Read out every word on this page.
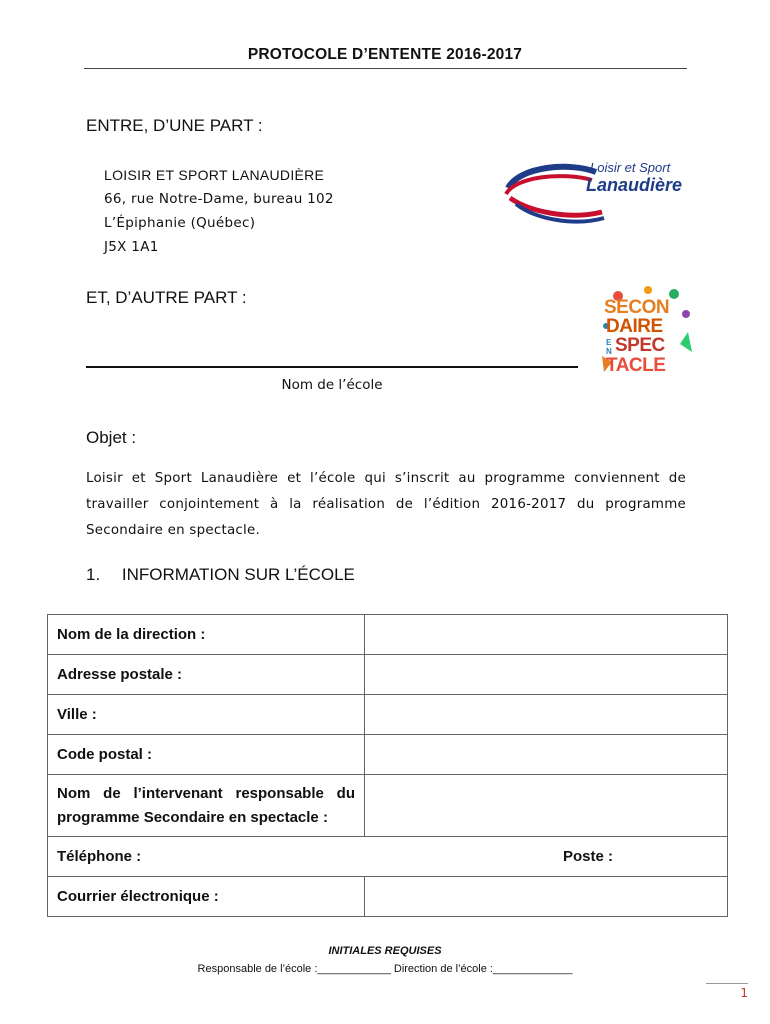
PROTOCOLE D’ENTENTE 2016-2017
ENTRE, D’UNE PART :
LOISIR ET SPORT LANAUDIÈRE
66, rue Notre-Dame, bureau 102
L’Épiphanie (Québec)
J5X 1A1
Loisir et Sport
Lanaudière
ET, D’AUTRE PART :
Nom de l’école
SECON
DAIRE
E
N SPEC
TACLE
Objet :
Loisir et Sport Lanaudière et l’école qui s’inscrit au programme conviennent de travailler conjointement à la réalisation de l’édition 2016-2017 du programme Secondaire en spectacle.
1.  INFORMATION SUR L’ÉCOLE
Nom de la direction :	
Adresse postale :	
Ville :	
Code postal :	
Nom de l’intervenant responsable du programme Secondaire en spectacle :	
Téléphone : Poste :	

Courrier électronique :	
INITIALES REQUISES
Responsable de l’école :____________ Direction de l’école :_____________
1
